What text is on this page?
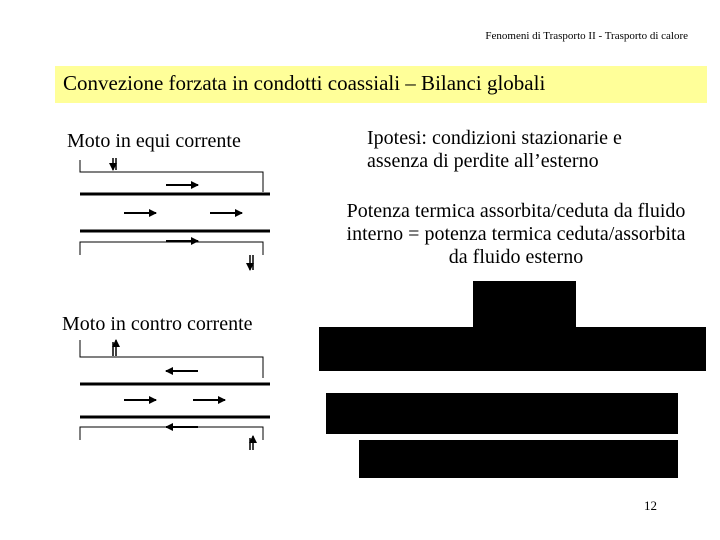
Fenomeni di Trasporto II - Trasporto di calore
Convezione forzata in condotti coassiali – Bilanci globali
Moto in equi corrente
Moto in contro corrente
Ipotesi: condizioni stazionarie e assenza di perdite all’esterno
Potenza termica assorbita/ceduta da fluido interno = potenza termica ceduta/assorbita da fluido esterno
12
